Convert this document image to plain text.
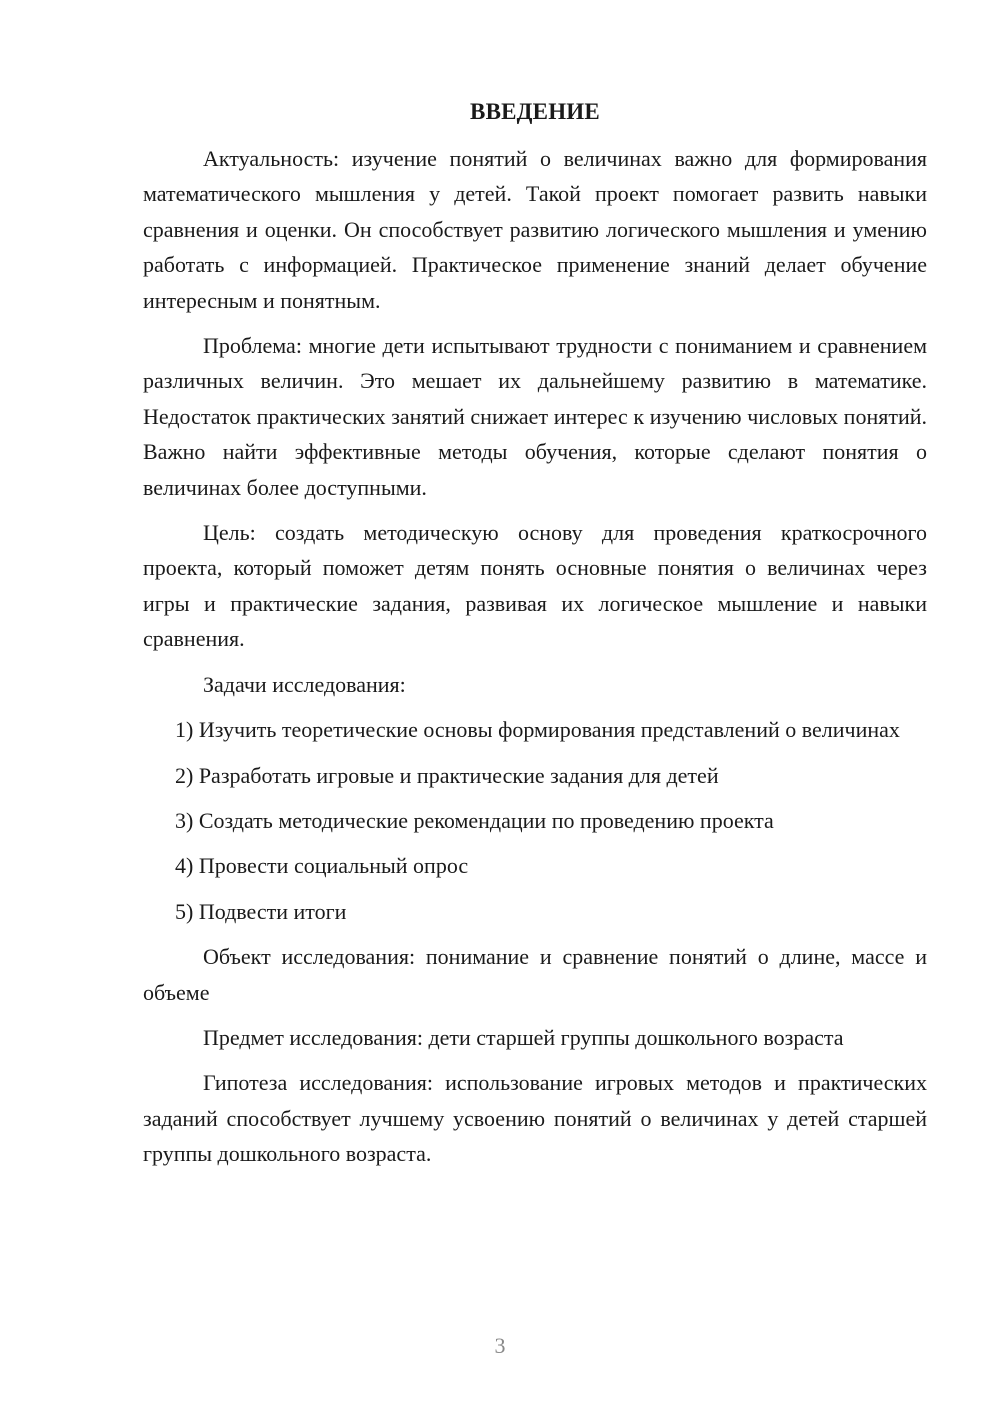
ВВЕДЕНИЕ

Актуальность: изучение понятий о величинах важно для формирования математического мышления у детей. Такой проект помогает развить навыки сравнения и оценки. Он способствует развитию логического мышления и умению работать с информацией. Практическое применение знаний делает обучение интересным и понятным.

Проблема: многие дети испытывают трудности с пониманием и сравнением различных величин. Это мешает их дальнейшему развитию в математике. Недостаток практических занятий снижает интерес к изучению числовых понятий. Важно найти эффективные методы обучения, которые сделают понятия о величинах более доступными.

Цель: создать методическую основу для проведения краткосрочного проекта, который поможет детям понять основные понятия о величинах через игры и практические задания, развивая их логическое мышление и навыки сравнения.

Задачи исследования:

1) Изучить теоретические основы формирования представлений о величинах

2) Разработать игровые и практические задания для детей

3) Создать методические рекомендации по проведению проекта

4) Провести социальный опрос

5) Подвести итоги

Объект исследования: понимание и сравнение понятий о длине, массе и объеме

Предмет исследования: дети старшей группы дошкольного возраста

Гипотеза исследования: использование игровых методов и практических заданий способствует лучшему усвоению понятий о величинах у детей старшей группы дошкольного возраста.

3
